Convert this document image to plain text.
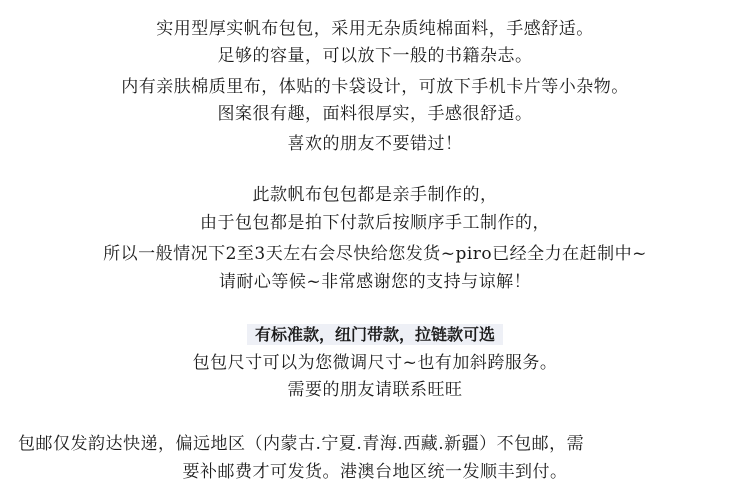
实用型厚实帆布包包，采用无杂质纯棉面料，手感舒适。
足够的容量，可以放下一般的书籍杂志。
内有亲肤棉质里布，体贴的卡袋设计，可放下手机卡片等小杂物。
图案很有趣，面料很厚实，手感很舒适。
喜欢的朋友不要错过！
此款帆布包包都是亲手制作的，
由于包包都是拍下付款后按顺序手工制作的，
所以一般情况下2至3天左右会尽快给您发货~piro已经全力在赶制中~
请耐心等候~非常感谢您的支持与谅解！
有标准款，纽门带款，拉链款可选
包包尺寸可以为您微调尺寸~也有加斜跨服务。
需要的朋友请联系旺旺
包邮仅发韵达快递，偏远地区（内蒙古.宁夏.青海.西藏.新疆）不包邮，需
要补邮费才可发货。港澳台地区统一发顺丰到付。
